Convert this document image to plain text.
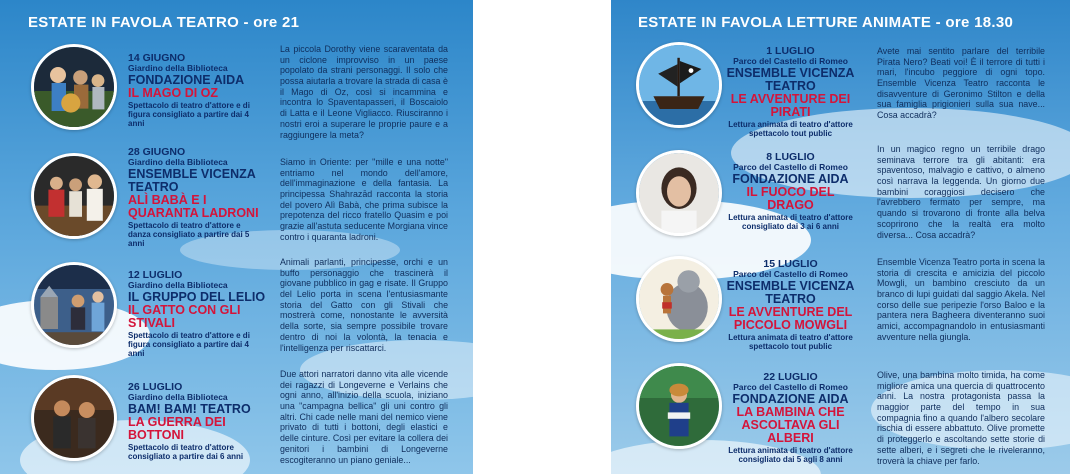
ESTATE IN FAVOLA TEATRO - ore 21
14 GIUGNO
Giardino della Biblioteca
FONDAZIONE AIDA
IL MAGO DI OZ
Spettacolo di teatro d'attore e di figura consigliato a partire dai 4 anni
La piccola Dorothy viene scaraventata da un ciclone improvviso in un paese popolato da strani personaggi. Il solo che possa aiutarla a trovare la strada di casa è il Mago di Oz, così si incammina e incontra lo Spaventapasseri, il Boscaiolo di Latta e il Leone Vigliacco. Riusciranno i nostri eroi a superare le proprie paure e a raggiungere la meta?
28 GIUGNO
Giardino della Biblioteca
ENSEMBLE VICENZA TEATRO
ALÌ BABÀ E I QUARANTA LADRONI
Spettacolo di teatro d'attore e danza consigliato a partire dai 5 anni
Siamo in Oriente: per "mille e una notte" entriamo nel mondo dell'amore, dell'immaginazione e della fantasia. La principessa Shahrazād racconta la storia del povero Alì Babà, che prima subisce la prepotenza del ricco fratello Quasim e poi grazie all'astuta seducente Morgiana vince contro i quaranta ladroni.
12 LUGLIO
Giardino della Biblioteca
IL GRUPPO DEL LELIO
IL GATTO CON GLI STIVALI
Spettacolo di teatro d'attore e di figura consigliato a partire dai 4 anni
Animali parlanti, principesse, orchi e un buffo personaggio che trascinerà il giovane pubblico in gag e risate. Il Gruppo del Lelio porta in scena l'entusiasmante storia del Gatto con gli Stivali che mostrerà come, nonostante le avversità della sorte, sia sempre possibile trovare dentro di noi la volontà, la tenacia e l'intelligenza per riscattarci.
26 LUGLIO
Giardino della Biblioteca
BAM! BAM! TEATRO
LA GUERRA DEI BOTTONI
Spettacolo di teatro d'attore consigliato a partire dai 6 anni
Due attori narratori danno vita alle vicende dei ragazzi di Longeverne e Verlains che ogni anno, all'inizio della scuola, iniziano una "campagna bellica" gli uni contro gli altri. Chi cade nelle mani del nemico viene privato di tutti i bottoni, degli elastici e delle cinture. Così per evitare la collera dei genitori i bambini di Longeverne escogiteranno un piano geniale...
ESTATE IN FAVOLA LETTURE ANIMATE - ore 18.30
1 LUGLIO
Parco del Castello di Romeo
ENSEMBLE VICENZA TEATRO
LE AVVENTURE DEI PIRATI
Lettura animata di teatro d'attore spettacolo tout public
Avete mai sentito parlare del terribile Pirata Nero? Beati voi! È il terrore di tutti i mari, l'incubo peggiore di ogni topo. Ensemble Vicenza Teatro racconta le disavventure di Geronimo Stilton e della sua famiglia prigionieri sulla sua nave... Cosa accadrà?
8 LUGLIO
Parco del Castello di Romeo
FONDAZIONE AIDA
IL FUOCO DEL DRAGO
Lettura animata di teatro d'attore consigliato dai 3 ai 6 anni
In un magico regno un terribile drago seminava terrore tra gli abitanti: era spaventoso, malvagio e cattivo, o almeno così narrava la leggenda. Un giorno due bambini coraggiosi decisero che l'avrebbero fermato per sempre, ma quando si trovarono di fronte alla belva scoprirono che la realtà era molto diversa... Cosa accadrà?
15 LUGLIO
Parco del Castello di Romeo
ENSEMBLE VICENZA TEATRO
LE AVVENTURE DEL PICCOLO MOWGLI
Lettura animata di teatro d'attore spettacolo tout public
Ensemble Vicenza Teatro porta in scena la storia di crescita e amicizia del piccolo Mowgli, un bambino cresciuto da un branco di lupi guidati dal saggio Akela. Nel corso delle sue peripezie l'orso Baloo e la pantera nera Bagheera diventeranno suoi amici, accompagnandolo in entusiasmanti avventure nella giungla.
22 LUGLIO
Parco del Castello di Romeo
FONDAZIONE AIDA
LA BAMBINA CHE ASCOLTAVA GLI ALBERI
Lettura animata di teatro d'attore consigliato dai 5 agli 8 anni
Olive, una bambina molto timida, ha come migliore amica una quercia di quattrocento anni. La nostra protagonista passa la maggior parte del tempo in sua compagnia fino a quando l'albero secolare rischia di essere abbattuto. Olive promette di proteggerlo e ascoltando sette storie di sette alberi, e i segreti che le riveleranno, troverà la chiave per farlo.
